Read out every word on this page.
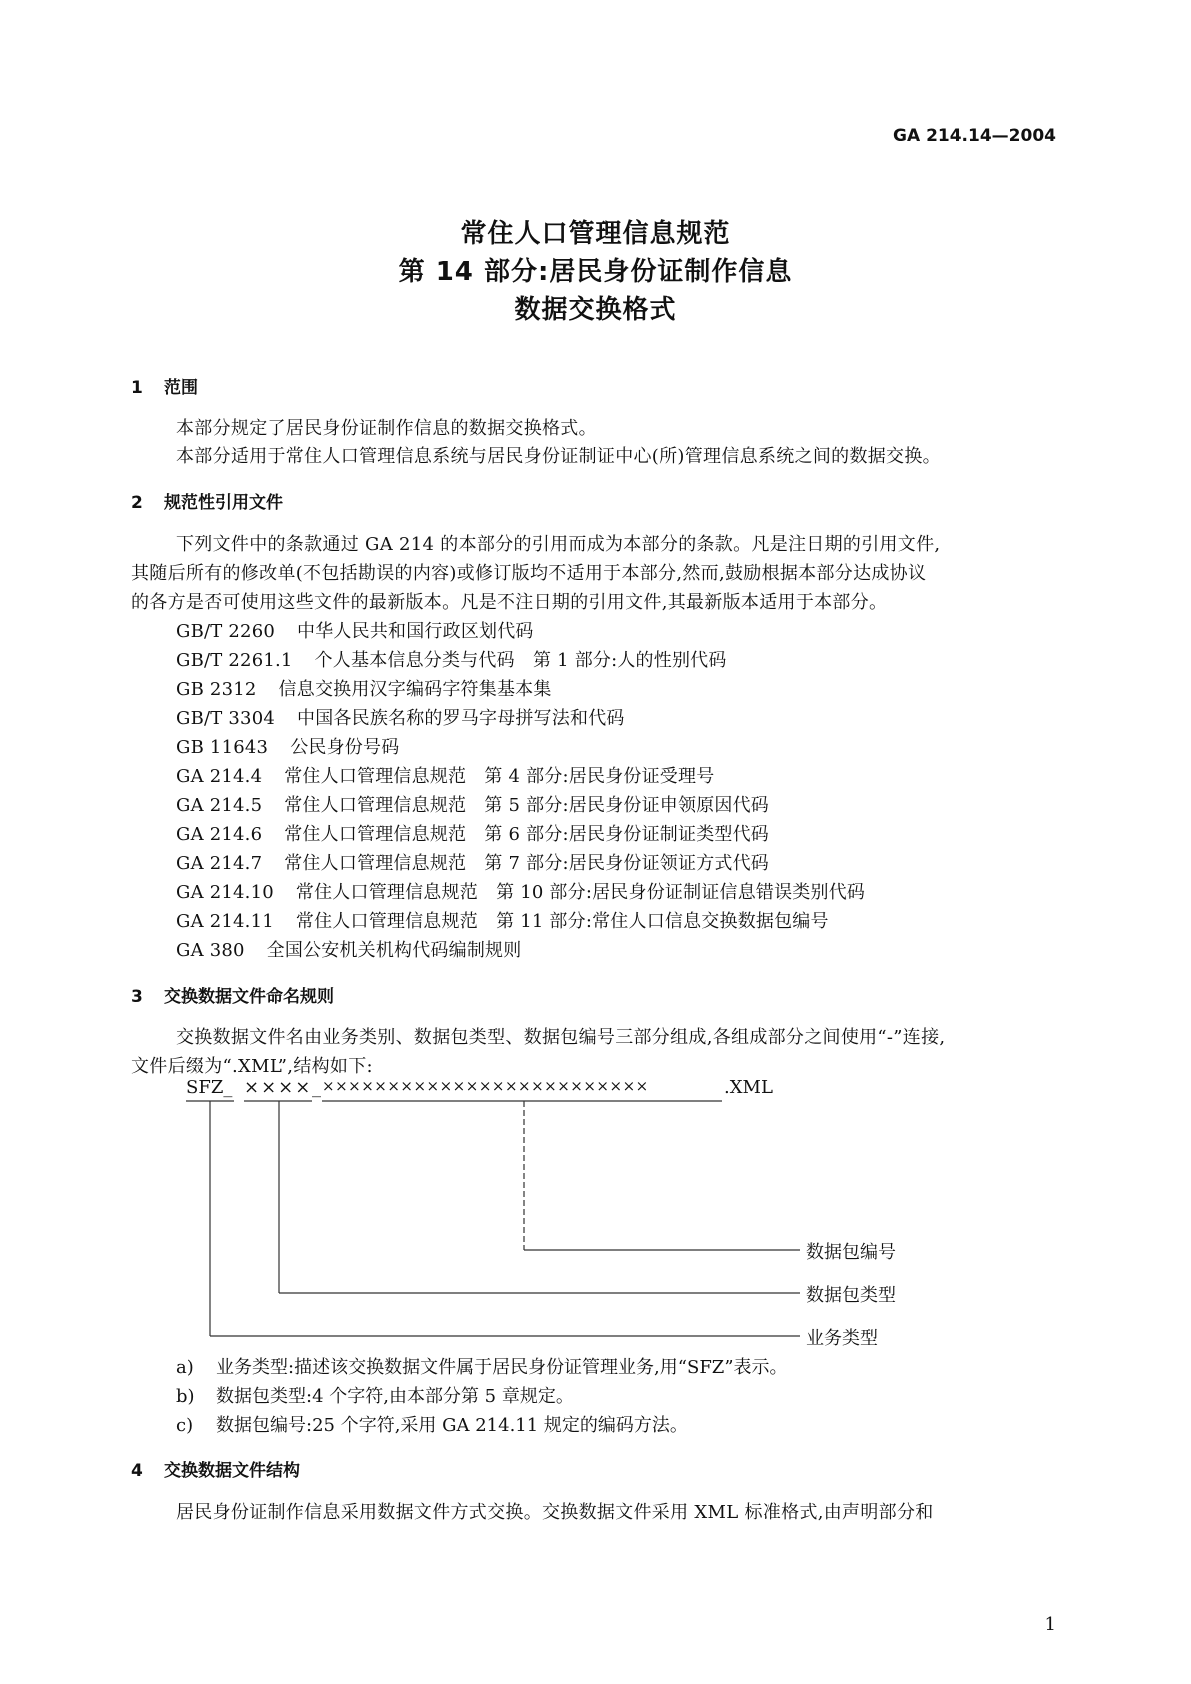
GA 214.14—2004
常住人口管理信息规范
第 14 部分:居民身份证制作信息
数据交换格式
1 范围
本部分规定了居民身份证制作信息的数据交换格式。
本部分适用于常住人口管理信息系统与居民身份证制证中心(所)管理信息系统之间的数据交换。
2 规范性引用文件
下列文件中的条款通过 GA 214 的本部分的引用而成为本部分的条款。凡是注日期的引用文件,
其随后所有的修改单(不包括勘误的内容)或修订版均不适用于本部分,然而,鼓励根据本部分达成协议
的各方是否可使用这些文件的最新版本。凡是不注日期的引用文件,其最新版本适用于本部分。
GB/T 2260 中华人民共和国行政区划代码
GB/T 2261.1 个人基本信息分类与代码　第 1 部分:人的性别代码
GB 2312 信息交换用汉字编码字符集基本集
GB/T 3304 中国各民族名称的罗马字母拼写法和代码
GB 11643 公民身份号码
GA 214.4 常住人口管理信息规范　第 4 部分:居民身份证受理号
GA 214.5 常住人口管理信息规范　第 5 部分:居民身份证申领原因代码
GA 214.6 常住人口管理信息规范　第 6 部分:居民身份证制证类型代码
GA 214.7 常住人口管理信息规范　第 7 部分:居民身份证领证方式代码
GA 214.10 常住人口管理信息规范　第 10 部分:居民身份证制证信息错误类别代码
GA 214.11 常住人口管理信息规范　第 11 部分:常住人口信息交换数据包编号
GA 380 全国公安机关机构代码编制规则
3 交换数据文件命名规则
交换数据文件名由业务类别、数据包类型、数据包编号三部分组成,各组成部分之间使用“-”连接,
文件后缀为“.XML”,结构如下:
SFZ_ ×××× _ ×××××××××××××××××××××××××	.XML
数据包编号
数据包类型
业务类型
a) 业务类型:描述该交换数据文件属于居民身份证管理业务,用“SFZ”表示。
b) 数据包类型:4 个字符,由本部分第 5 章规定。
c) 数据包编号:25 个字符,采用 GA 214.11 规定的编码方法。
4 交换数据文件结构
居民身份证制作信息采用数据文件方式交换。交换数据文件采用 XML 标准格式,由声明部分和
1
